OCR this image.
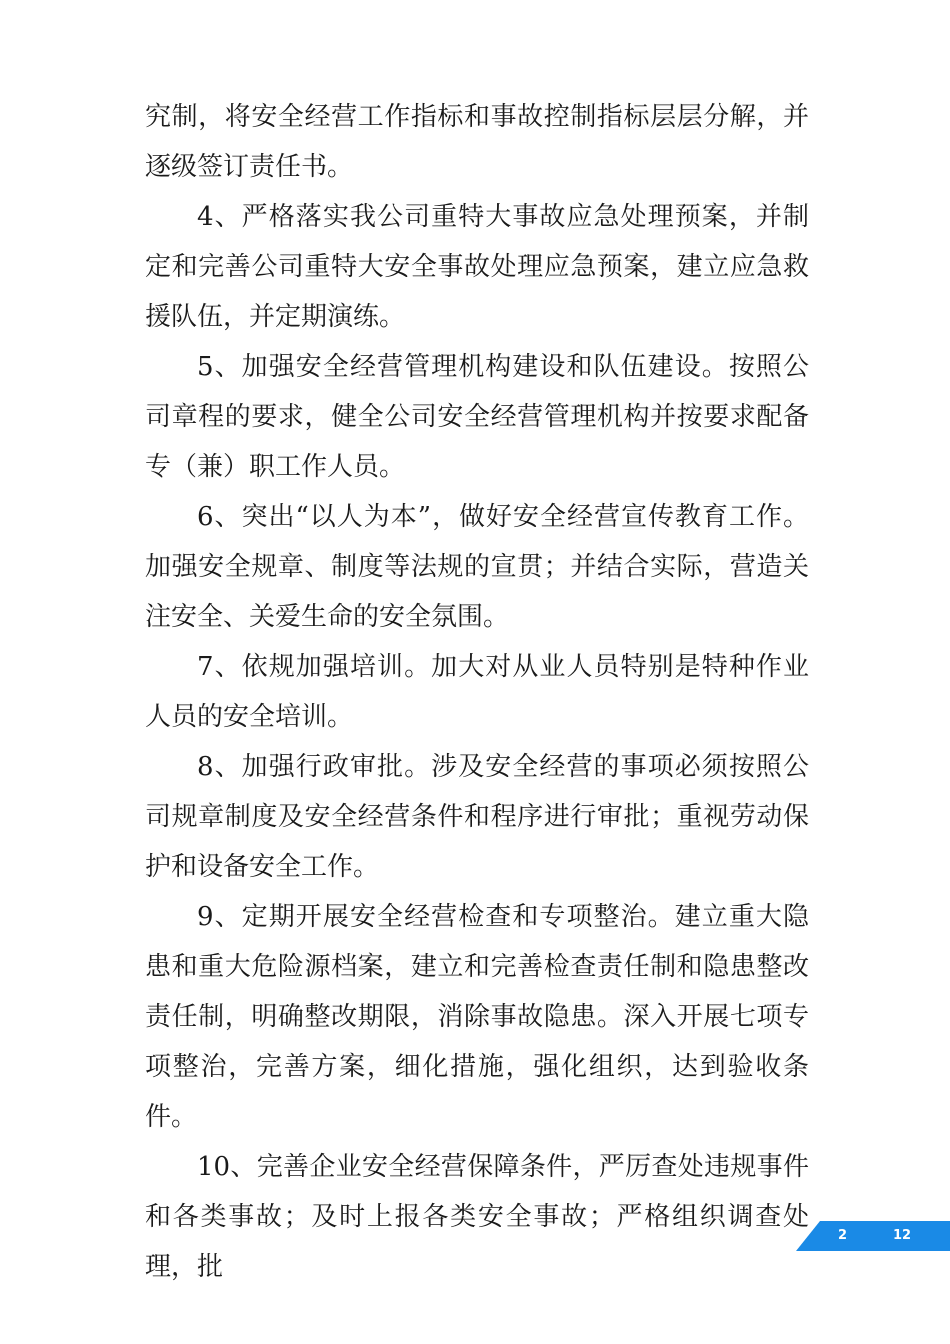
究制，将安全经营工作指标和事故控制指标层层分解，并逐级签订责任书。

4、严格落实我公司重特大事故应急处理预案，并制定和完善公司重特大安全事故处理应急预案，建立应急救援队伍，并定期演练。

5、加强安全经营管理机构建设和队伍建设。按照公司章程的要求，健全公司安全经营管理机构并按要求配备专（兼）职工作人员。

6、突出“以人为本”，做好安全经营宣传教育工作。加强安全规章、制度等法规的宣贯；并结合实际，营造关注安全、关爱生命的安全氛围。

7、依规加强培训。加大对从业人员特别是特种作业人员的安全培训。

8、加强行政审批。涉及安全经营的事项必须按照公司规章制度及安全经营条件和程序进行审批；重视劳动保护和设备安全工作。

9、定期开展安全经营检查和专项整治。建立重大隐患和重大危险源档案，建立和完善检查责任制和隐患整改责任制，明确整改期限，消除事故隐患。深入开展七项专项整治，完善方案，细化措施，强化组织，达到验收条件。

10、完善企业安全经营保障条件，严厉查处违规事件和各类事故；及时上报各类安全事故；严格组织调查处理，批

2	12
